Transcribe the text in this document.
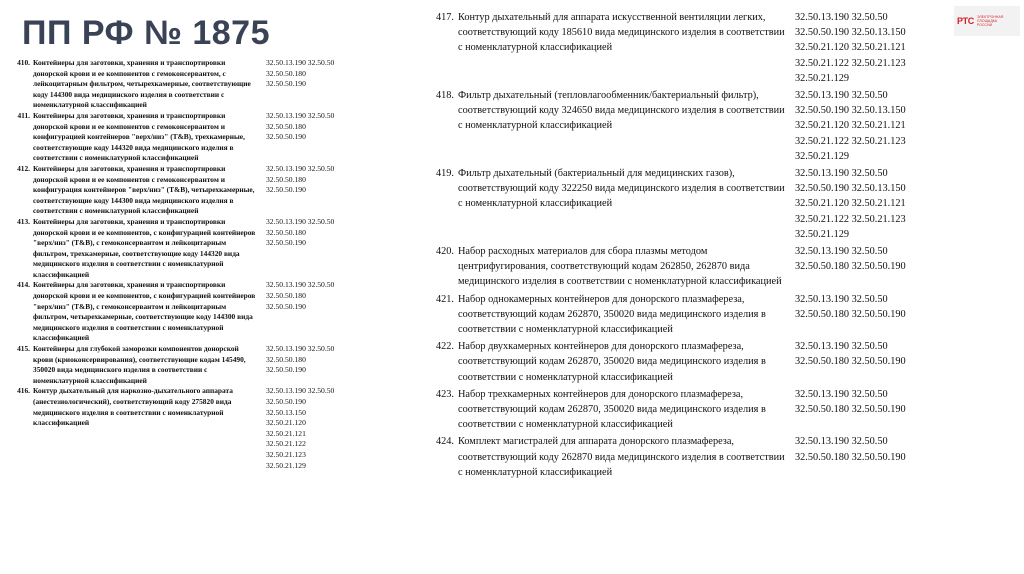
ПП РФ № 1875	РТС ЭЛЕКТРОННАЯ
ПЛОЩАДКА
РОССИИ
410. Контейнеры для заготовки, хранения и транспортировки донорской крови и ее компонентов с гемоконсервантом, с лейкоцитарным фильтром, четырехкамерные, соответствующие коду 144300 вида медицинского изделия в соответствии с номенклатурной классификацией
32.50.13.190 32.50.50
32.50.50.180
32.50.50.190
411. Контейнеры для заготовки, хранения и транспортировки донорской крови и ее компонентов с гемоконсервантом и конфигурацией контейнеров "верх/низ" (T&B), трехкамерные, соответствующие коду 144320 вида медицинского изделия в соответствии с номенклатурной классификацией
32.50.13.190 32.50.50
32.50.50.180
32.50.50.190
412. Контейнеры для заготовки, хранения и транспортировки донорской крови и ее компонентов с гемоконсервантом и конфигурация контейнеров "верх/низ" (T&B), четырехкамерные, соответствующие коду 144300 вида медицинского изделия в соответствии с номенклатурной классификацией
32.50.13.190 32.50.50
32.50.50.180
32.50.50.190
413. Контейнеры для заготовки, хранения и транспортировки донорской крови и ее компонентов, с конфигурацией контейнеров "верх/низ" (T&B), с гемоконсервантом и лейкоцитарным фильтром, трехкамерные, соответствующие коду 144320 вида медицинского изделия в соответствии с номенклатурной классификацией
32.50.13.190 32.50.50
32.50.50.180
32.50.50.190
414. Контейнеры для заготовки, хранения и транспортировки донорской крови и ее компонентов, с конфигурацией контейнеров "верх/низ" (T&B), с гемоконсервантом и лейкоцитарным фильтром, четырехкамерные, соответствующие коду 144300 вида медицинского изделия в соответствии с номенклатурной классификацией
32.50.13.190 32.50.50
32.50.50.180
32.50.50.190
415. Контейнеры для глубокой заморозки компонентов донорской крови (криоконсервирования), соответствующие кодам 145490, 350020 вида медицинского изделия в соответствии с номенклатурной классификацией
32.50.13.190 32.50.50
32.50.50.180
32.50.50.190
416. Контур дыхательный для наркозно-дыхательного аппарата (анестезиологический), соответствующий коду 275820 вида медицинского изделия в соответствии с номенклатурной классификацией
32.50.13.190 32.50.50
32.50.50.190
32.50.13.150
32.50.21.120
32.50.21.121
32.50.21.122
32.50.21.123
32.50.21.129
417. Контур дыхательный для аппарата искусственной вентиляции легких, соответствующий коду 185610 вида медицинского изделия в соответствии с номенклатурной классификацией
32.50.13.190 32.50.50
32.50.50.190 32.50.13.150
32.50.21.120 32.50.21.121
32.50.21.122 32.50.21.123
32.50.21.129
418. Фильтр дыхательный (тепловлагообменник/бактериальный фильтр), соответствующий коду 324650 вида медицинского изделия в соответствии с номенклатурной классификацией
32.50.13.190 32.50.50
32.50.50.190 32.50.13.150
32.50.21.120 32.50.21.121
32.50.21.122 32.50.21.123
32.50.21.129
419. Фильтр дыхательный (бактериальный для медицинских газов), соответствующий коду 322250 вида медицинского изделия в соответствии с номенклатурной классификацией
32.50.13.190 32.50.50
32.50.50.190 32.50.13.150
32.50.21.120 32.50.21.121
32.50.21.122 32.50.21.123
32.50.21.129
420. Набор расходных материалов для сбора плазмы методом центрифугирования, соответствующий кодам 262850, 262870 вида медицинского изделия в соответствии с номенклатурной классификацией
32.50.13.190 32.50.50
32.50.50.180 32.50.50.190
421. Набор однокамерных контейнеров для донорского плазмафереза, соответствующий кодам 262870, 350020 вида медицинского изделия в соответствии с номенклатурной классификацией
32.50.13.190 32.50.50
32.50.50.180 32.50.50.190
422. Набор двухкамерных контейнеров для донорского плазмафереза, соответствующий кодам 262870, 350020 вида медицинского изделия в соответствии с номенклатурной классификацией
32.50.13.190 32.50.50
32.50.50.180 32.50.50.190
423. Набор трехкамерных контейнеров для донорского плазмафереза, соответствующий кодам 262870, 350020 вида медицинского изделия в соответствии с номенклатурной классификацией
32.50.13.190 32.50.50
32.50.50.180 32.50.50.190
424. Комплект магистралей для аппарата донорского плазмафереза, соответствующий коду 262870 вида медицинского изделия в соответствии с номенклатурной классификацией
32.50.13.190 32.50.50
32.50.50.180 32.50.50.190
